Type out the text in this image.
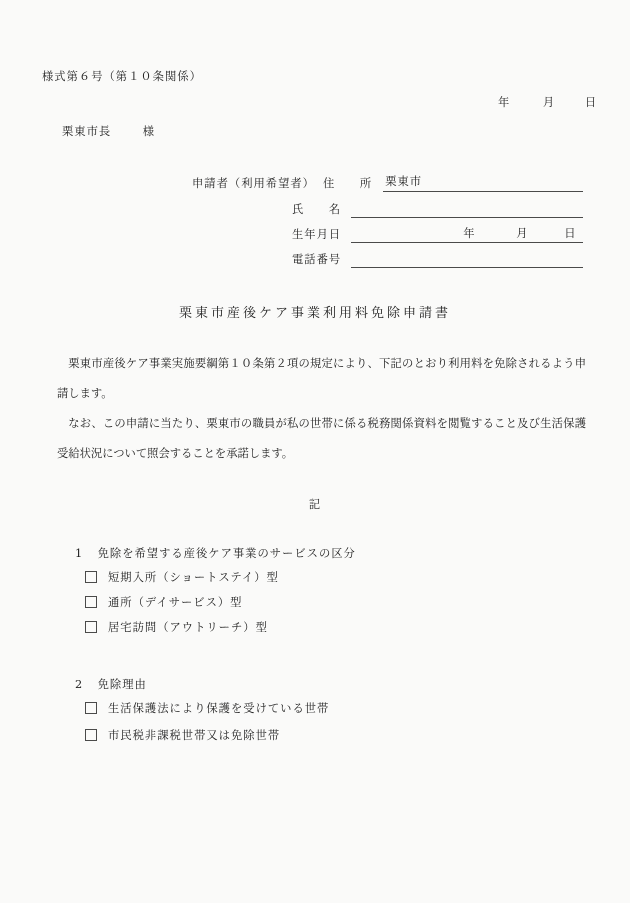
様式第６号（第１０条関係）
年	月	日
栗東市長	様
申請者（利用希望者） 住　　所 栗東市
氏　　名
生年月日	年	月	日
電話番号
栗東市産後ケア事業利用料免除申請書

栗東市産後ケア事業実施要綱第１０条第２項の規定により、下記のとおり利用料を免除されるよう申請します。

なお、この申請に当たり、栗東市の職員が私の世帯に係る税務関係資料を閲覧すること及び生活保護受給状況について照会することを承諾します。

記
1 免除を希望する産後ケア事業のサービスの区分
短期入所（ショートステイ）型
通所（デイサービス）型
居宅訪問（アウトリーチ）型
2 免除理由
生活保護法により保護を受けている世帯
市民税非課税世帯又は免除世帯
